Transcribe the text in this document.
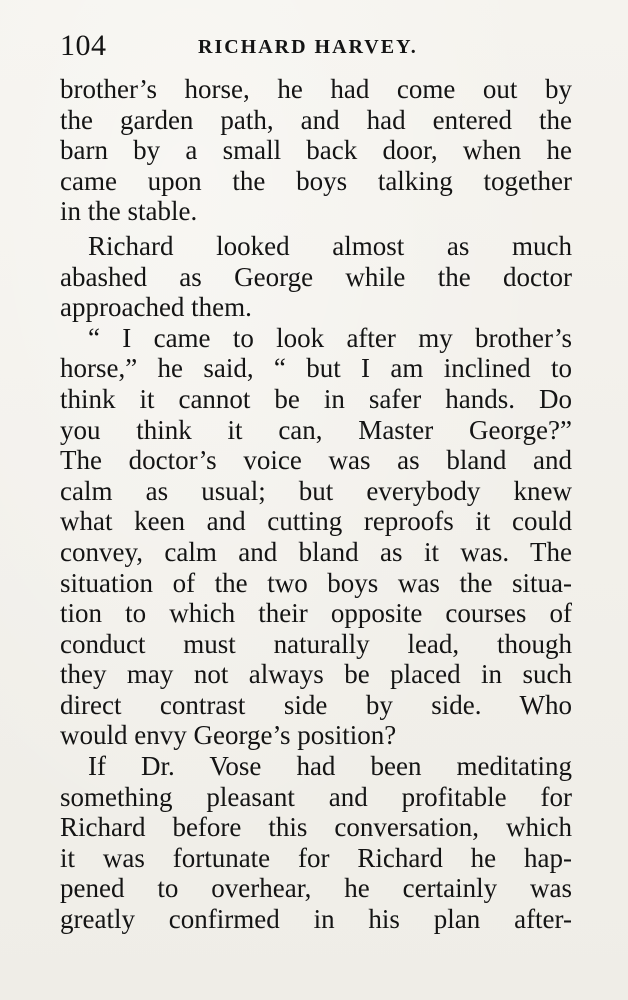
104	RICHARD HARVEY.
brother’s horse, he had come out by
the garden path, and had entered the
barn by a small back door, when he
came upon the boys talking together
in the stable.
Richard looked almost as much
abashed as George while the doctor
approached them.
“ I came to look after my brother’s
horse,” he said, “ but I am inclined to
think it cannot be in safer hands. Do
you think it can, Master George?”
The doctor’s voice was as bland and
calm as usual; but everybody knew
what keen and cutting reproofs it could
convey, calm and bland as it was. The
situation of the two boys was the situa-
tion to which their opposite courses of
conduct must naturally lead, though
they may not always be placed in such
direct contrast side by side. Who
would envy George’s position?
If Dr. Vose had been meditating
something pleasant and profitable for
Richard before this conversation, which
it was fortunate for Richard he hap-
pened to overhear, he certainly was
greatly confirmed in his plan after-
